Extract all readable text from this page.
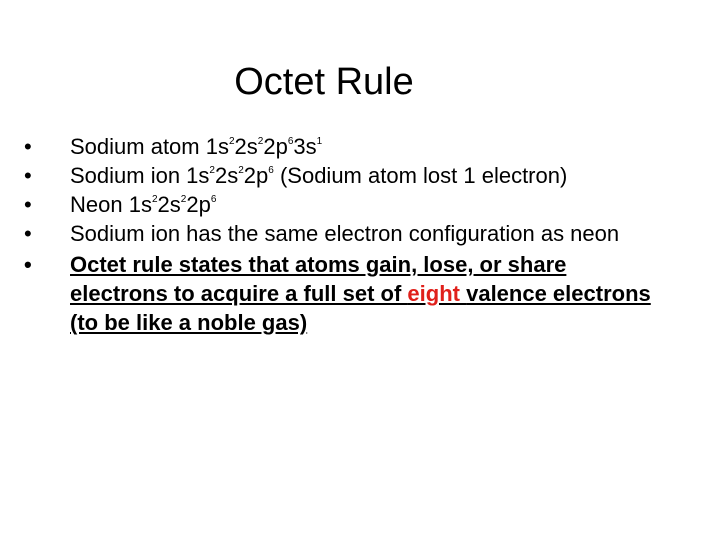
Octet Rule
•	Sodium atom $1s^22s^22p^63s^1$
•	Sodium ion $1s^22s^22p^6$ (Sodium atom lost 1 electron)
•	Neon $1s^22s^22p^6$
•	Sodium ion has the same electron configuration as neon
•	Octet rule states that atoms gain, lose, or share electrons to acquire a full set of eight valence electrons (to be like a noble gas)
